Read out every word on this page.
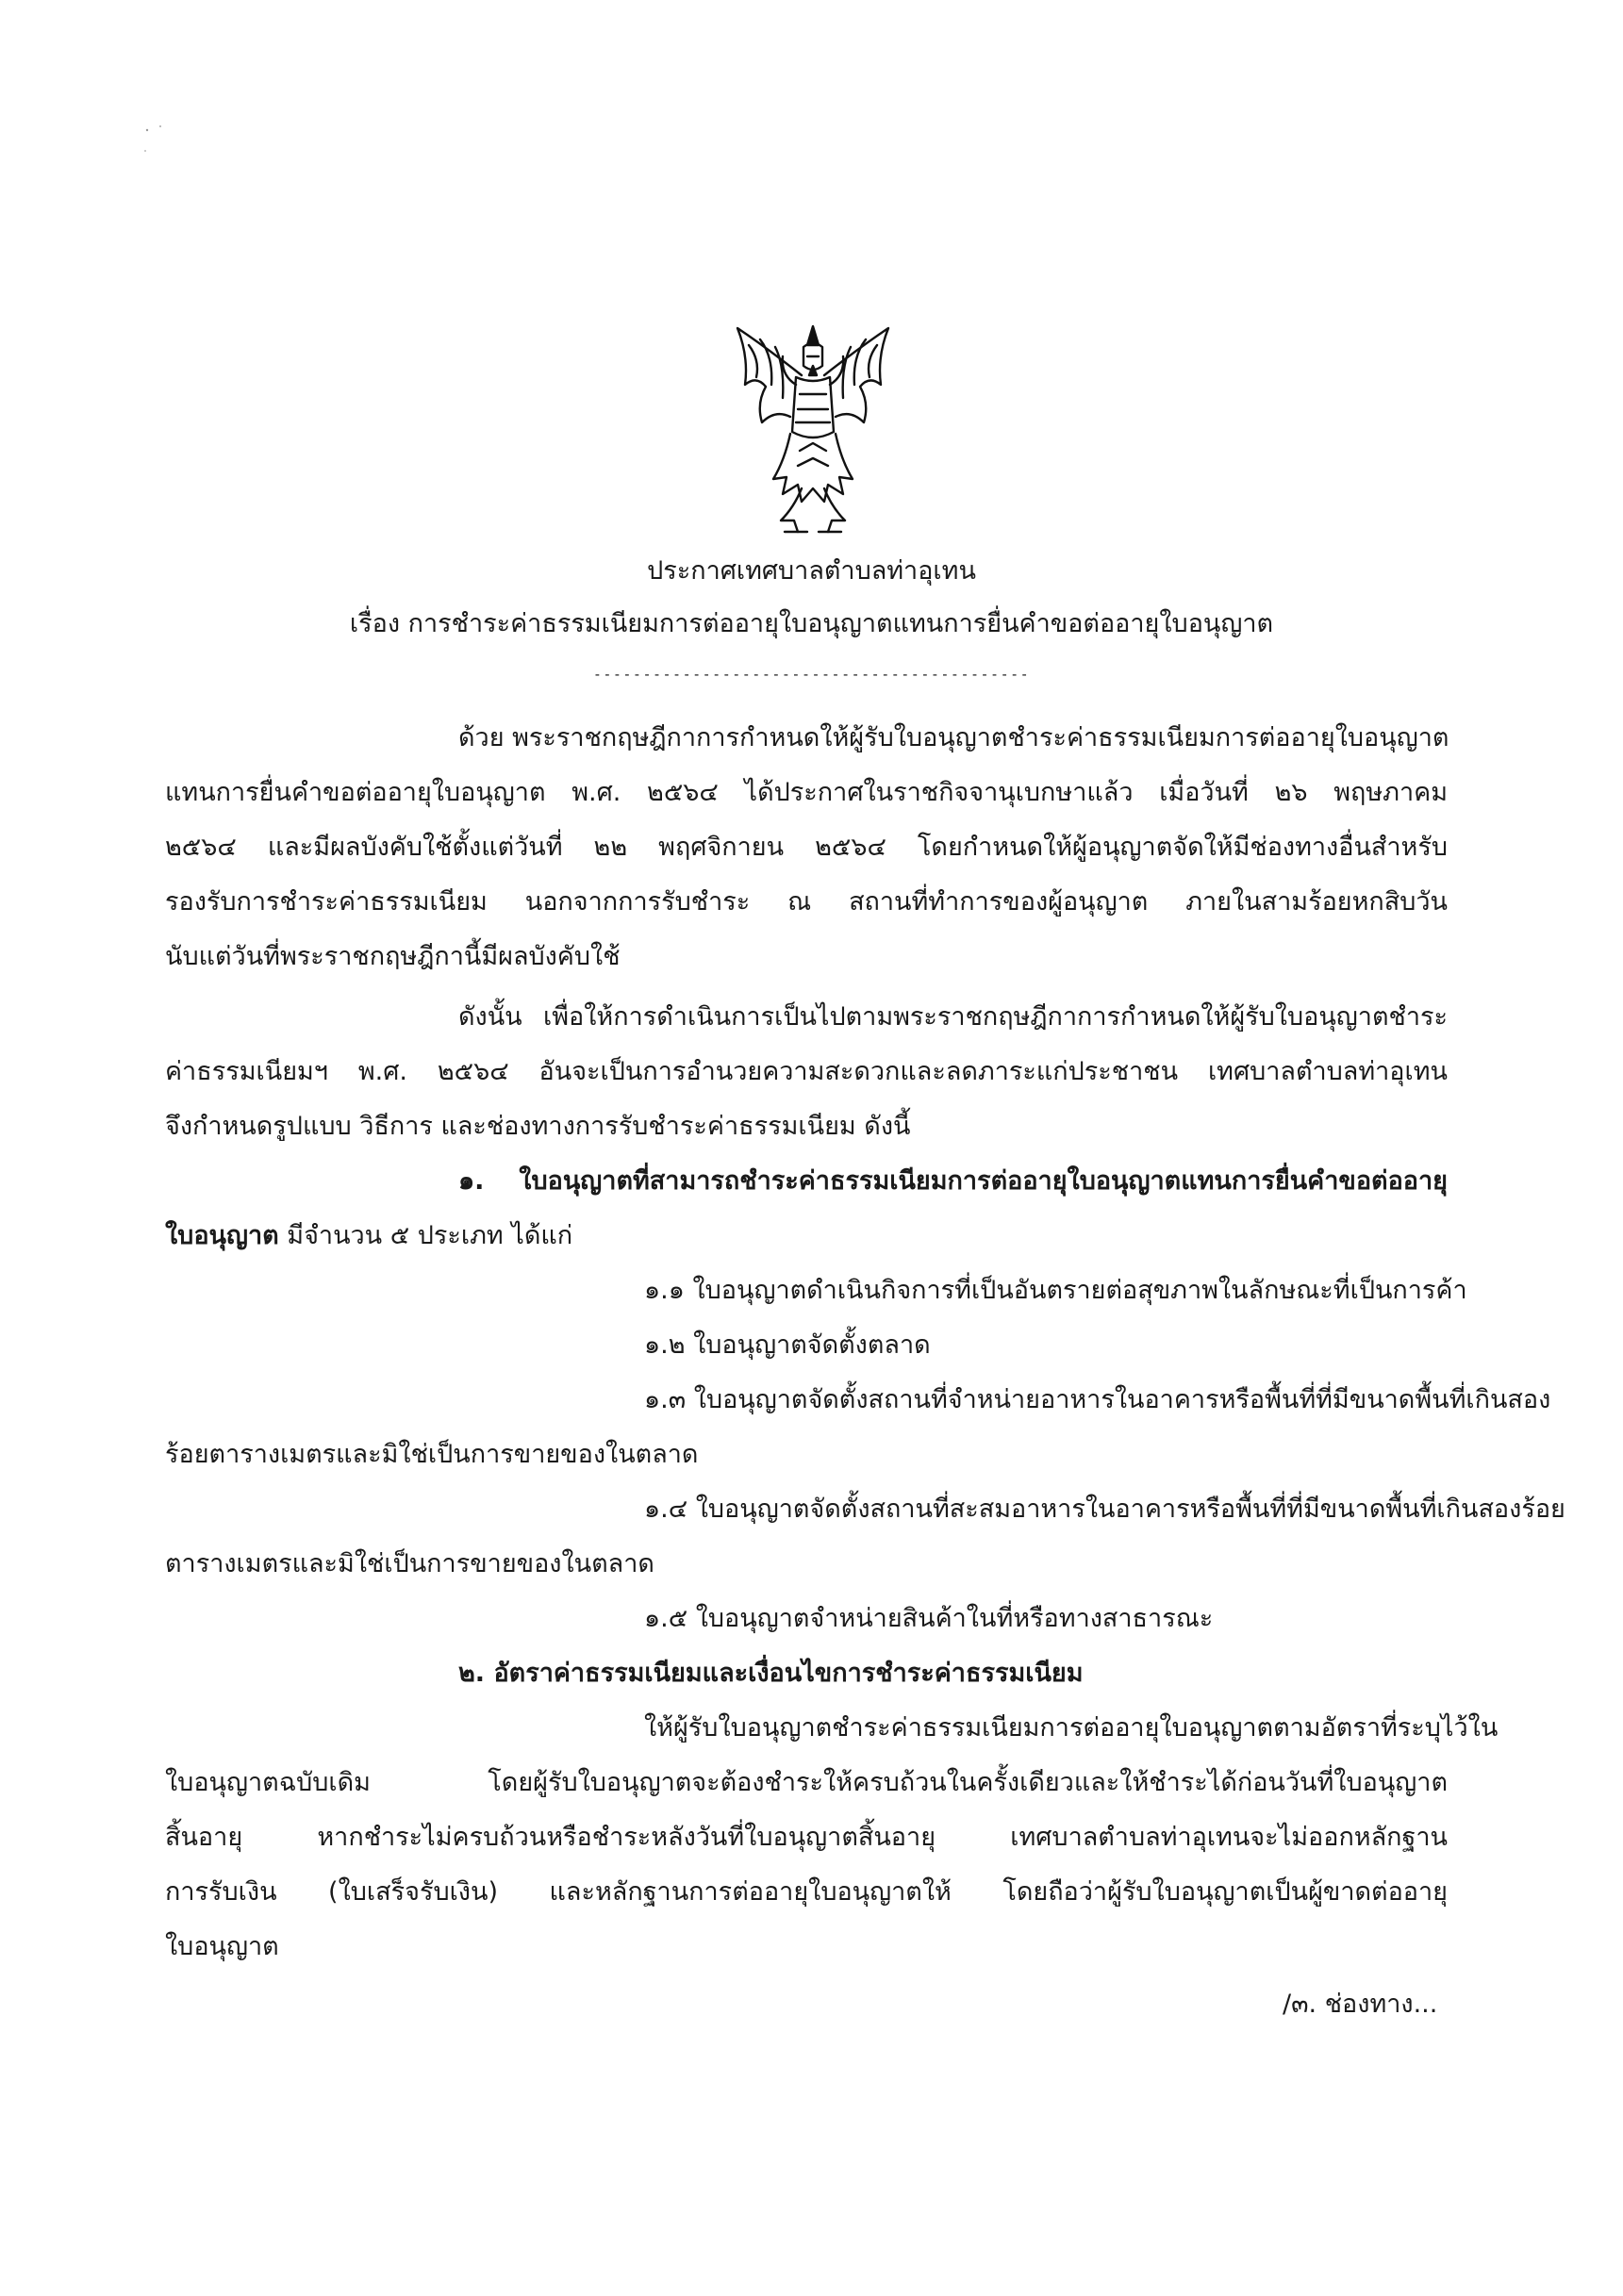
ประกาศเทศบาลตำบลท่าอุเทน
เรื่อง การชำระค่าธรรมเนียมการต่ออายุใบอนุญาตแทนการยื่นคำขอต่ออายุใบอนุญาต
--------------------------------------------
ด้วย พระราชกฤษฎีกาการกำหนดให้ผู้รับใบอนุญาตชำระค่าธรรมเนียมการต่ออายุใบอนุญาต
แทนการยื่นคำขอต่ออายุใบอนุญาต พ.ศ. ๒๕๖๔ ได้ประกาศในราชกิจจานุเบกษาแล้ว เมื่อวันที่ ๒๖ พฤษภาคม
๒๕๖๔ และมีผลบังคับใช้ตั้งแต่วันที่ ๒๒ พฤศจิกายน ๒๕๖๔ โดยกำหนดให้ผู้อนุญาตจัดให้มีช่องทางอื่นสำหรับ
รองรับการชำระค่าธรรมเนียม นอกจากการรับชำระ ณ สถานที่ทำการของผู้อนุญาต ภายในสามร้อยหกสิบวัน
นับแต่วันที่พระราชกฤษฎีกานี้มีผลบังคับใช้
ดังนั้น เพื่อให้การดำเนินการเป็นไปตามพระราชกฤษฎีกาการกำหนดให้ผู้รับใบอนุญาตชำระ
ค่าธรรมเนียมฯ พ.ศ. ๒๕๖๔ อันจะเป็นการอำนวยความสะดวกและลดภาระแก่ประชาชน เทศบาลตำบลท่าอุเทน
จึงกำหนดรูปแบบ วิธีการ และช่องทางการรับชำระค่าธรรมเนียม ดังนี้
๑. ใบอนุญาตที่สามารถชำระค่าธรรมเนียมการต่ออายุใบอนุญาตแทนการยื่นคำขอต่ออายุ
ใบอนุญาต มีจำนวน ๕ ประเภท ได้แก่
๑.๑ ใบอนุญาตดำเนินกิจการที่เป็นอันตรายต่อสุขภาพในลักษณะที่เป็นการค้า
๑.๒ ใบอนุญาตจัดตั้งตลาด
๑.๓ ใบอนุญาตจัดตั้งสถานที่จำหน่ายอาหารในอาคารหรือพื้นที่ที่มีขนาดพื้นที่เกินสอง
ร้อยตารางเมตรและมิใช่เป็นการขายของในตลาด
๑.๔ ใบอนุญาตจัดตั้งสถานที่สะสมอาหารในอาคารหรือพื้นที่ที่มีขนาดพื้นที่เกินสองร้อย
ตารางเมตรและมิใช่เป็นการขายของในตลาด
๑.๕ ใบอนุญาตจำหน่ายสินค้าในที่หรือทางสาธารณะ
๒. อัตราค่าธรรมเนียมและเงื่อนไขการชำระค่าธรรมเนียม
ให้ผู้รับใบอนุญาตชำระค่าธรรมเนียมการต่ออายุใบอนุญาตตามอัตราที่ระบุไว้ใน
ใบอนุญาตฉบับเดิม โดยผู้รับใบอนุญาตจะต้องชำระให้ครบถ้วนในครั้งเดียวและให้ชำระได้ก่อนวันที่ใบอนุญาต
สิ้นอายุ หากชำระไม่ครบถ้วนหรือชำระหลังวันที่ใบอนุญาตสิ้นอายุ เทศบาลตำบลท่าอุเทนจะไม่ออกหลักฐาน
การรับเงิน (ใบเสร็จรับเงิน) และหลักฐานการต่ออายุใบอนุญาตให้ โดยถือว่าผู้รับใบอนุญาตเป็นผู้ขาดต่ออายุ
ใบอนุญาต
/๓. ช่องทาง...
